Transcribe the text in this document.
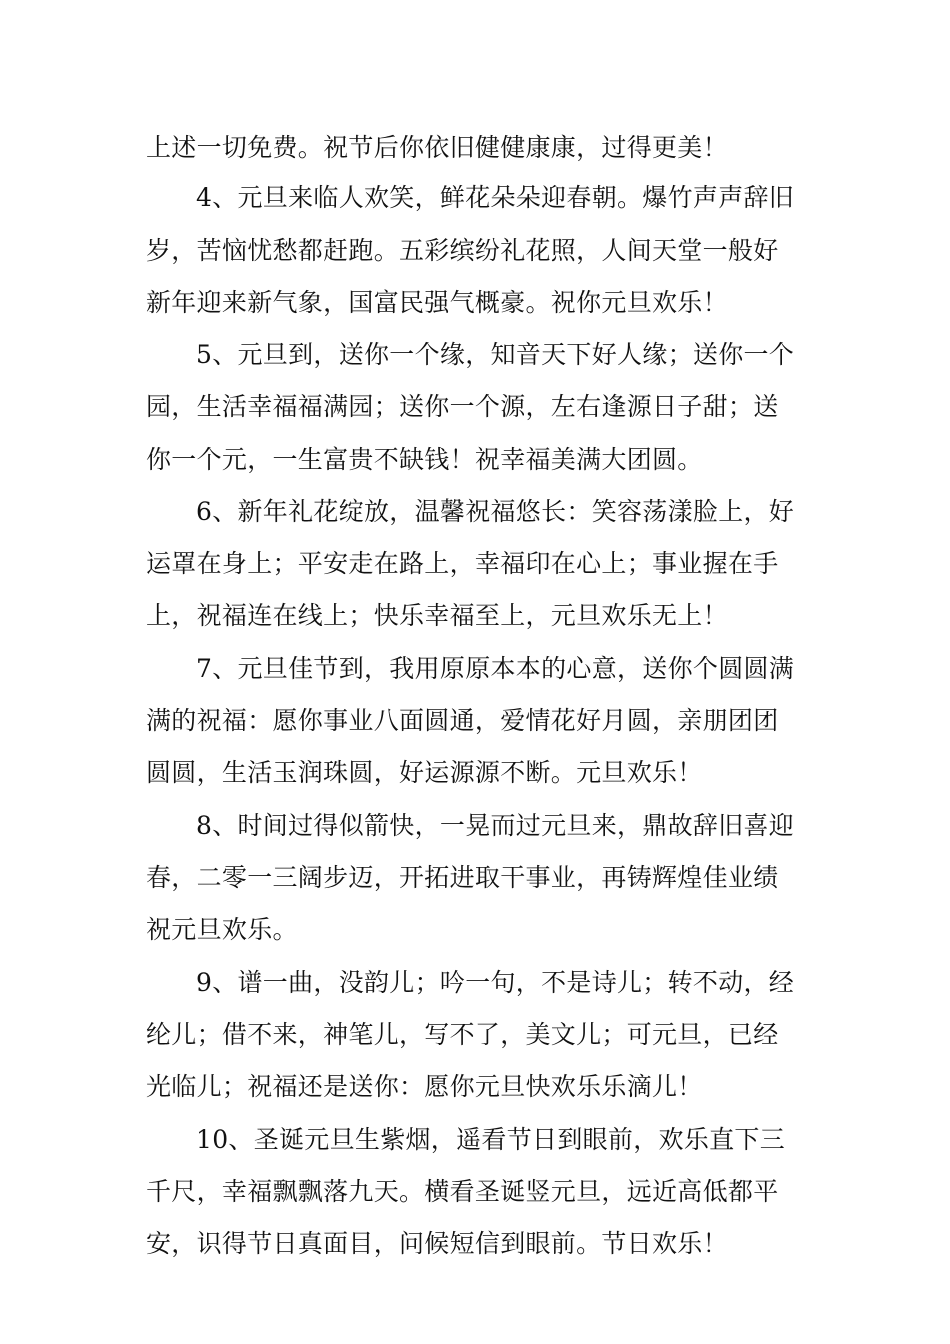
上述一切免费。祝节后你依旧健健康康，过得更美！
4、元旦来临人欢笑，鲜花朵朵迎春朝。爆竹声声辞旧
岁，苦恼忧愁都赶跑。五彩缤纷礼花照，人间天堂一般好
新年迎来新气象，国富民强气概豪。祝你元旦欢乐！
5、元旦到，送你一个缘，知音天下好人缘；送你一个
园，生活幸福福满园；送你一个源，左右逢源日子甜；送
你一个元，一生富贵不缺钱！祝幸福美满大团圆。
6、新年礼花绽放，温馨祝福悠长：笑容荡漾脸上，好
运罩在身上；平安走在路上，幸福印在心上；事业握在手
上，祝福连在线上；快乐幸福至上，元旦欢乐无上！
7、元旦佳节到，我用原原本本的心意，送你个圆圆满
满的祝福：愿你事业八面圆通，爱情花好月圆，亲朋团团
圆圆，生活玉润珠圆，好运源源不断。元旦欢乐！
8、时间过得似箭快，一晃而过元旦来，鼎故辞旧喜迎
春，二零一三阔步迈，开拓进取干事业，再铸辉煌佳业绩
祝元旦欢乐。
9、谱一曲，没韵儿；吟一句，不是诗儿；转不动，经
纶儿；借不来，神笔儿，写不了，美文儿；可元旦，已经
光临儿；祝福还是送你：愿你元旦快欢乐乐滴儿！
10、圣诞元旦生紫烟，遥看节日到眼前，欢乐直下三
千尺，幸福飘飘落九天。横看圣诞竖元旦，远近高低都平
安，识得节日真面目，问候短信到眼前。节日欢乐！
